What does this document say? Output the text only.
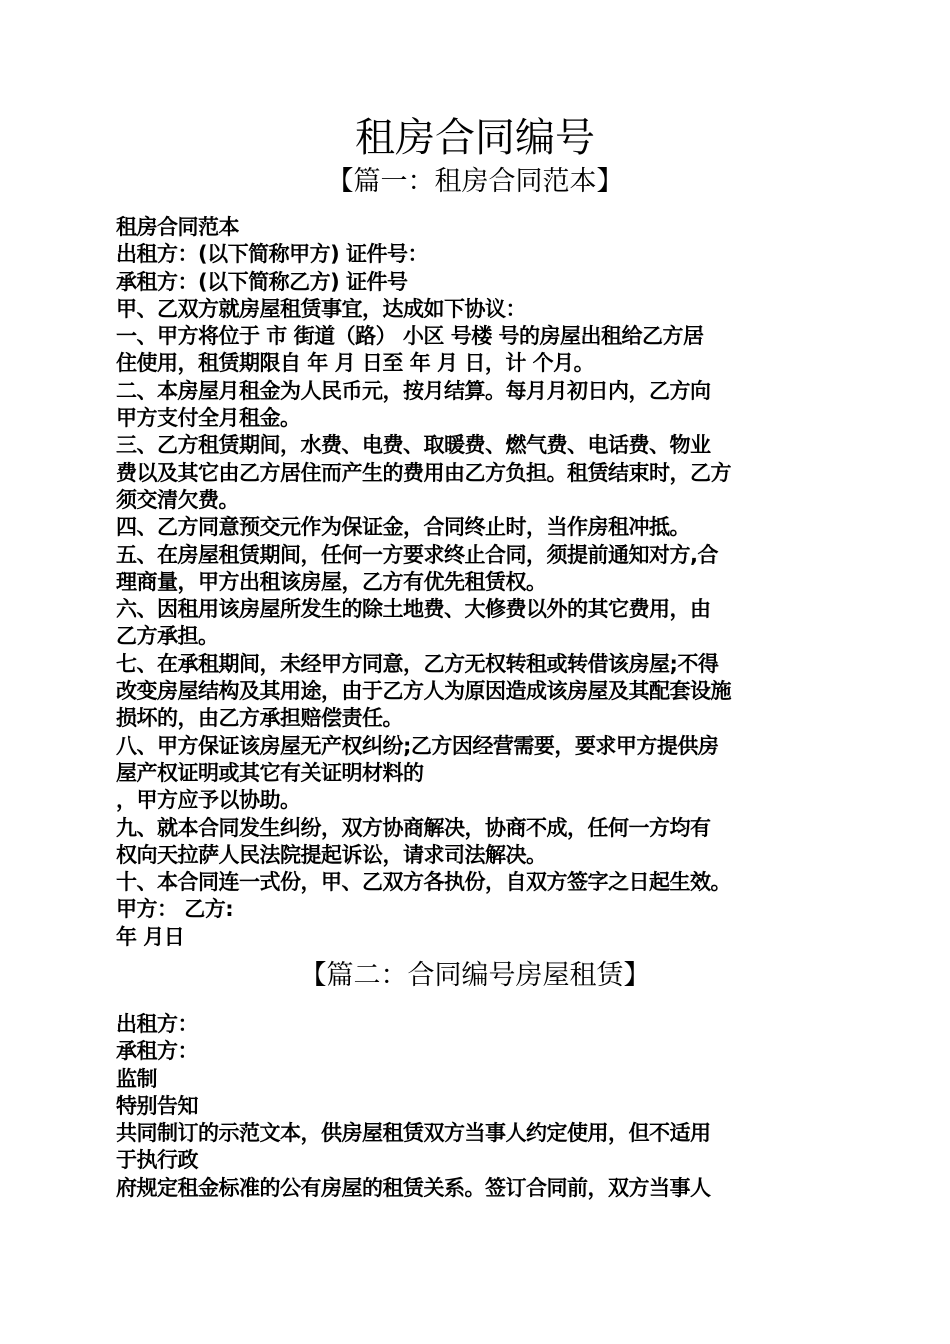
租房合同编号
【篇一：租房合同范本】
租房合同范本
出租方：(以下简称甲方) 证件号：
承租方：(以下简称乙方) 证件号
甲、乙双方就房屋租赁事宜，达成如下协议：
一、甲方将位于 市 街道（路） 小区 号楼 号的房屋出租给乙方居
住使用，租赁期限自 年 月 日至 年 月 日，计 个月。
二、本房屋月租金为人民币元，按月结算。每月月初日内，乙方向
甲方支付全月租金。
三、乙方租赁期间，水费、电费、取暖费、燃气费、电话费、物业
费以及其它由乙方居住而产生的费用由乙方负担。租赁结束时，乙方
须交清欠费。
四、乙方同意预交元作为保证金，合同终止时，当作房租冲抵。
五、在房屋租赁期间，任何一方要求终止合同，须提前通知对方,合
理商量，甲方出租该房屋，乙方有优先租赁权。
六、因租用该房屋所发生的除土地费、大修费以外的其它费用，由
乙方承担。
七、在承租期间，未经甲方同意，乙方无权转租或转借该房屋;不得
改变房屋结构及其用途，由于乙方人为原因造成该房屋及其配套设施
损坏的，由乙方承担赔偿责任。
八、甲方保证该房屋无产权纠纷;乙方因经营需要，要求甲方提供房
屋产权证明或其它有关证明材料的
，甲方应予以协助。
九、就本合同发生纠纷，双方协商解决，协商不成，任何一方均有
权向天拉萨人民法院提起诉讼，请求司法解决。
十、本合同连一式份，甲、乙双方各执份，自双方签字之日起生效。
甲方： 乙方:
年 月日
【篇二：合同编号房屋租赁】
出租方：
承租方：
监制
特别告知
共同制订的示范文本，供房屋租赁双方当事人约定使用，但不适用
于执行政
府规定租金标准的公有房屋的租赁关系。签订合同前，双方当事人
